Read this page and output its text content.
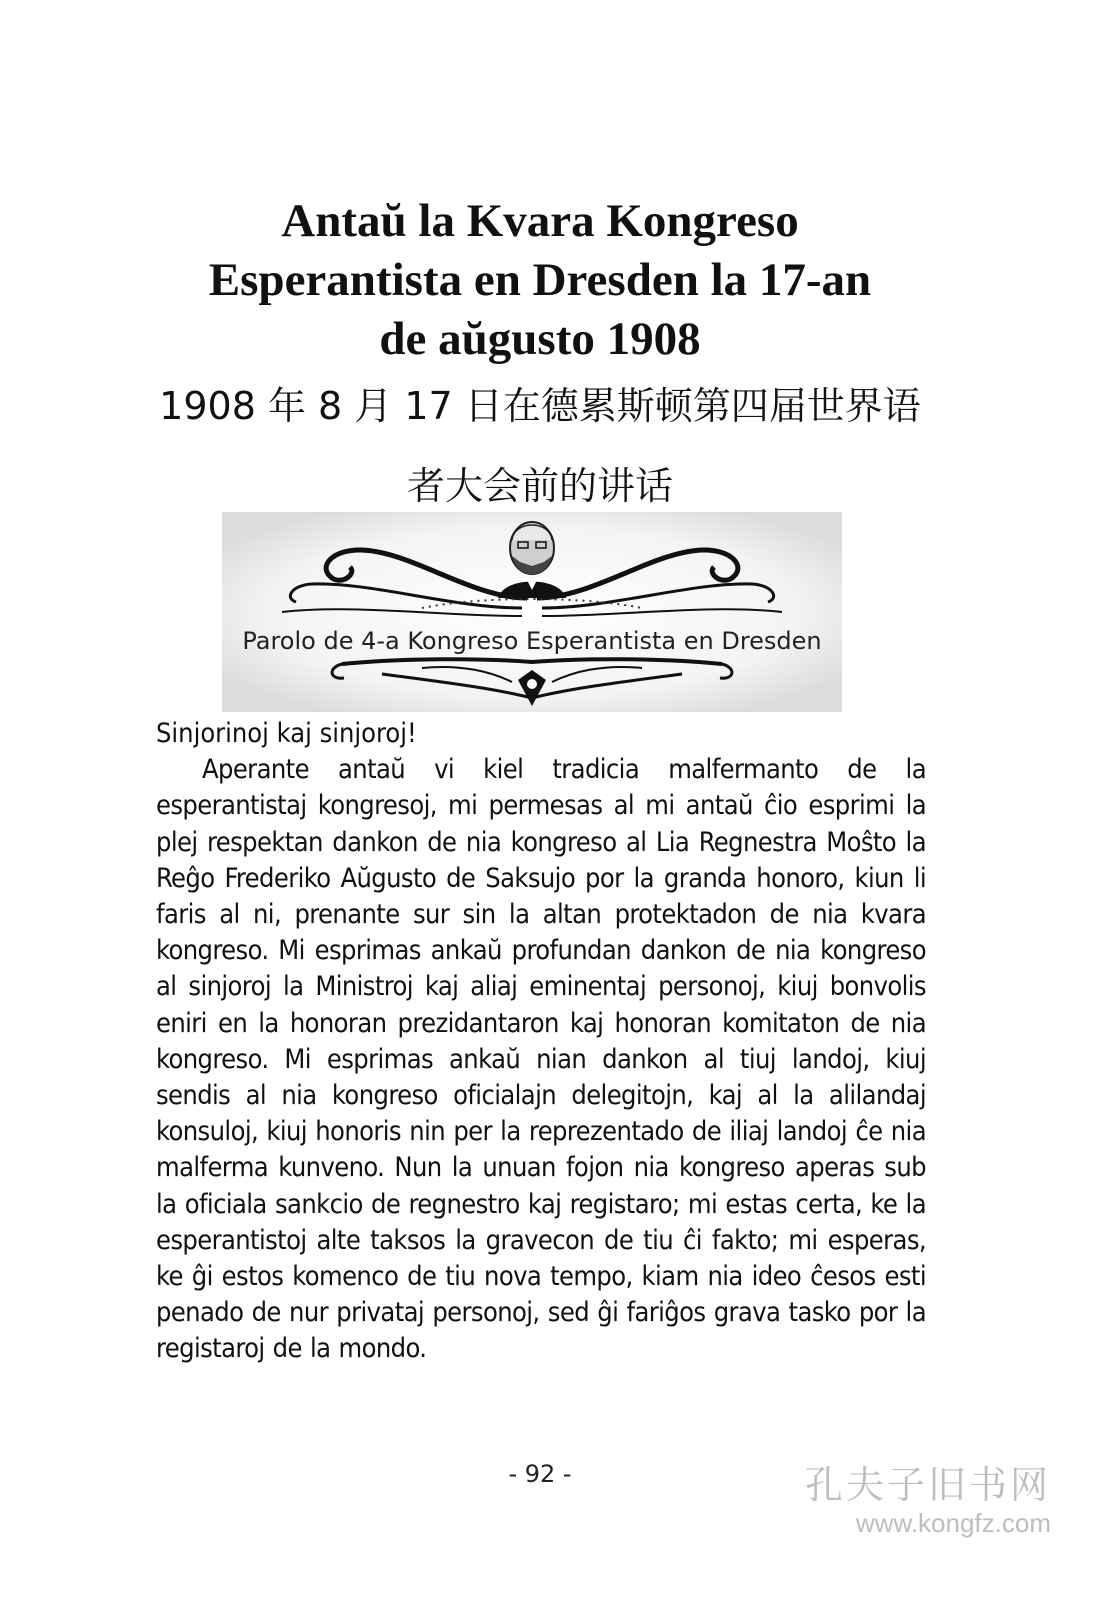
Antaŭ la Kvara Kongreso
Esperantista en Dresden la 17-an
de aŭgusto 1908
1908 年 8 月 17 日在德累斯顿第四届世界语
者大会前的讲话
Parolo de 4-a Kongreso Esperantista en Dresden

Sinjorinoj kaj sinjoroj!

Aperante antaŭ vi kiel tradicia malfermanto de la esperantistaj kongresoj, mi permesas al mi antaŭ ĉio esprimi la plej respektan dankon de nia kongreso al Lia Regnestra Moŝto la Reĝo Frederiko Aŭgusto de Saksujo por la granda honoro, kiun li faris al ni, prenante sur sin la altan protektadon de nia kvara kongreso. Mi esprimas ankaŭ profundan dankon de nia kongreso al sinjoroj la Ministroj kaj aliaj eminentaj personoj, kiuj bonvolis eniri en la honoran prezidantaron kaj honoran komitaton de nia kongreso. Mi esprimas ankaŭ nian dankon al tiuj landoj, kiuj sendis al nia kongreso oficialajn delegitojn, kaj al la alilandaj konsuloj, kiuj honoris nin per la reprezentado de iliaj landoj ĉe nia malferma kunveno. Nun la unuan fojon nia kongreso aperas sub la oficiala sankcio de regnestro kaj registaro; mi estas certa, ke la esperantistoj alte taksos la gravecon de tiu ĉi fakto; mi esperas, ke ĝi estos komenco de tiu nova tempo, kiam nia ideo ĉesos esti penado de nur privataj personoj, sed ĝi fariĝos grava tasko por la registaroj de la mondo.

- 92 -	孔夫子旧书网
www.kongfz.com
